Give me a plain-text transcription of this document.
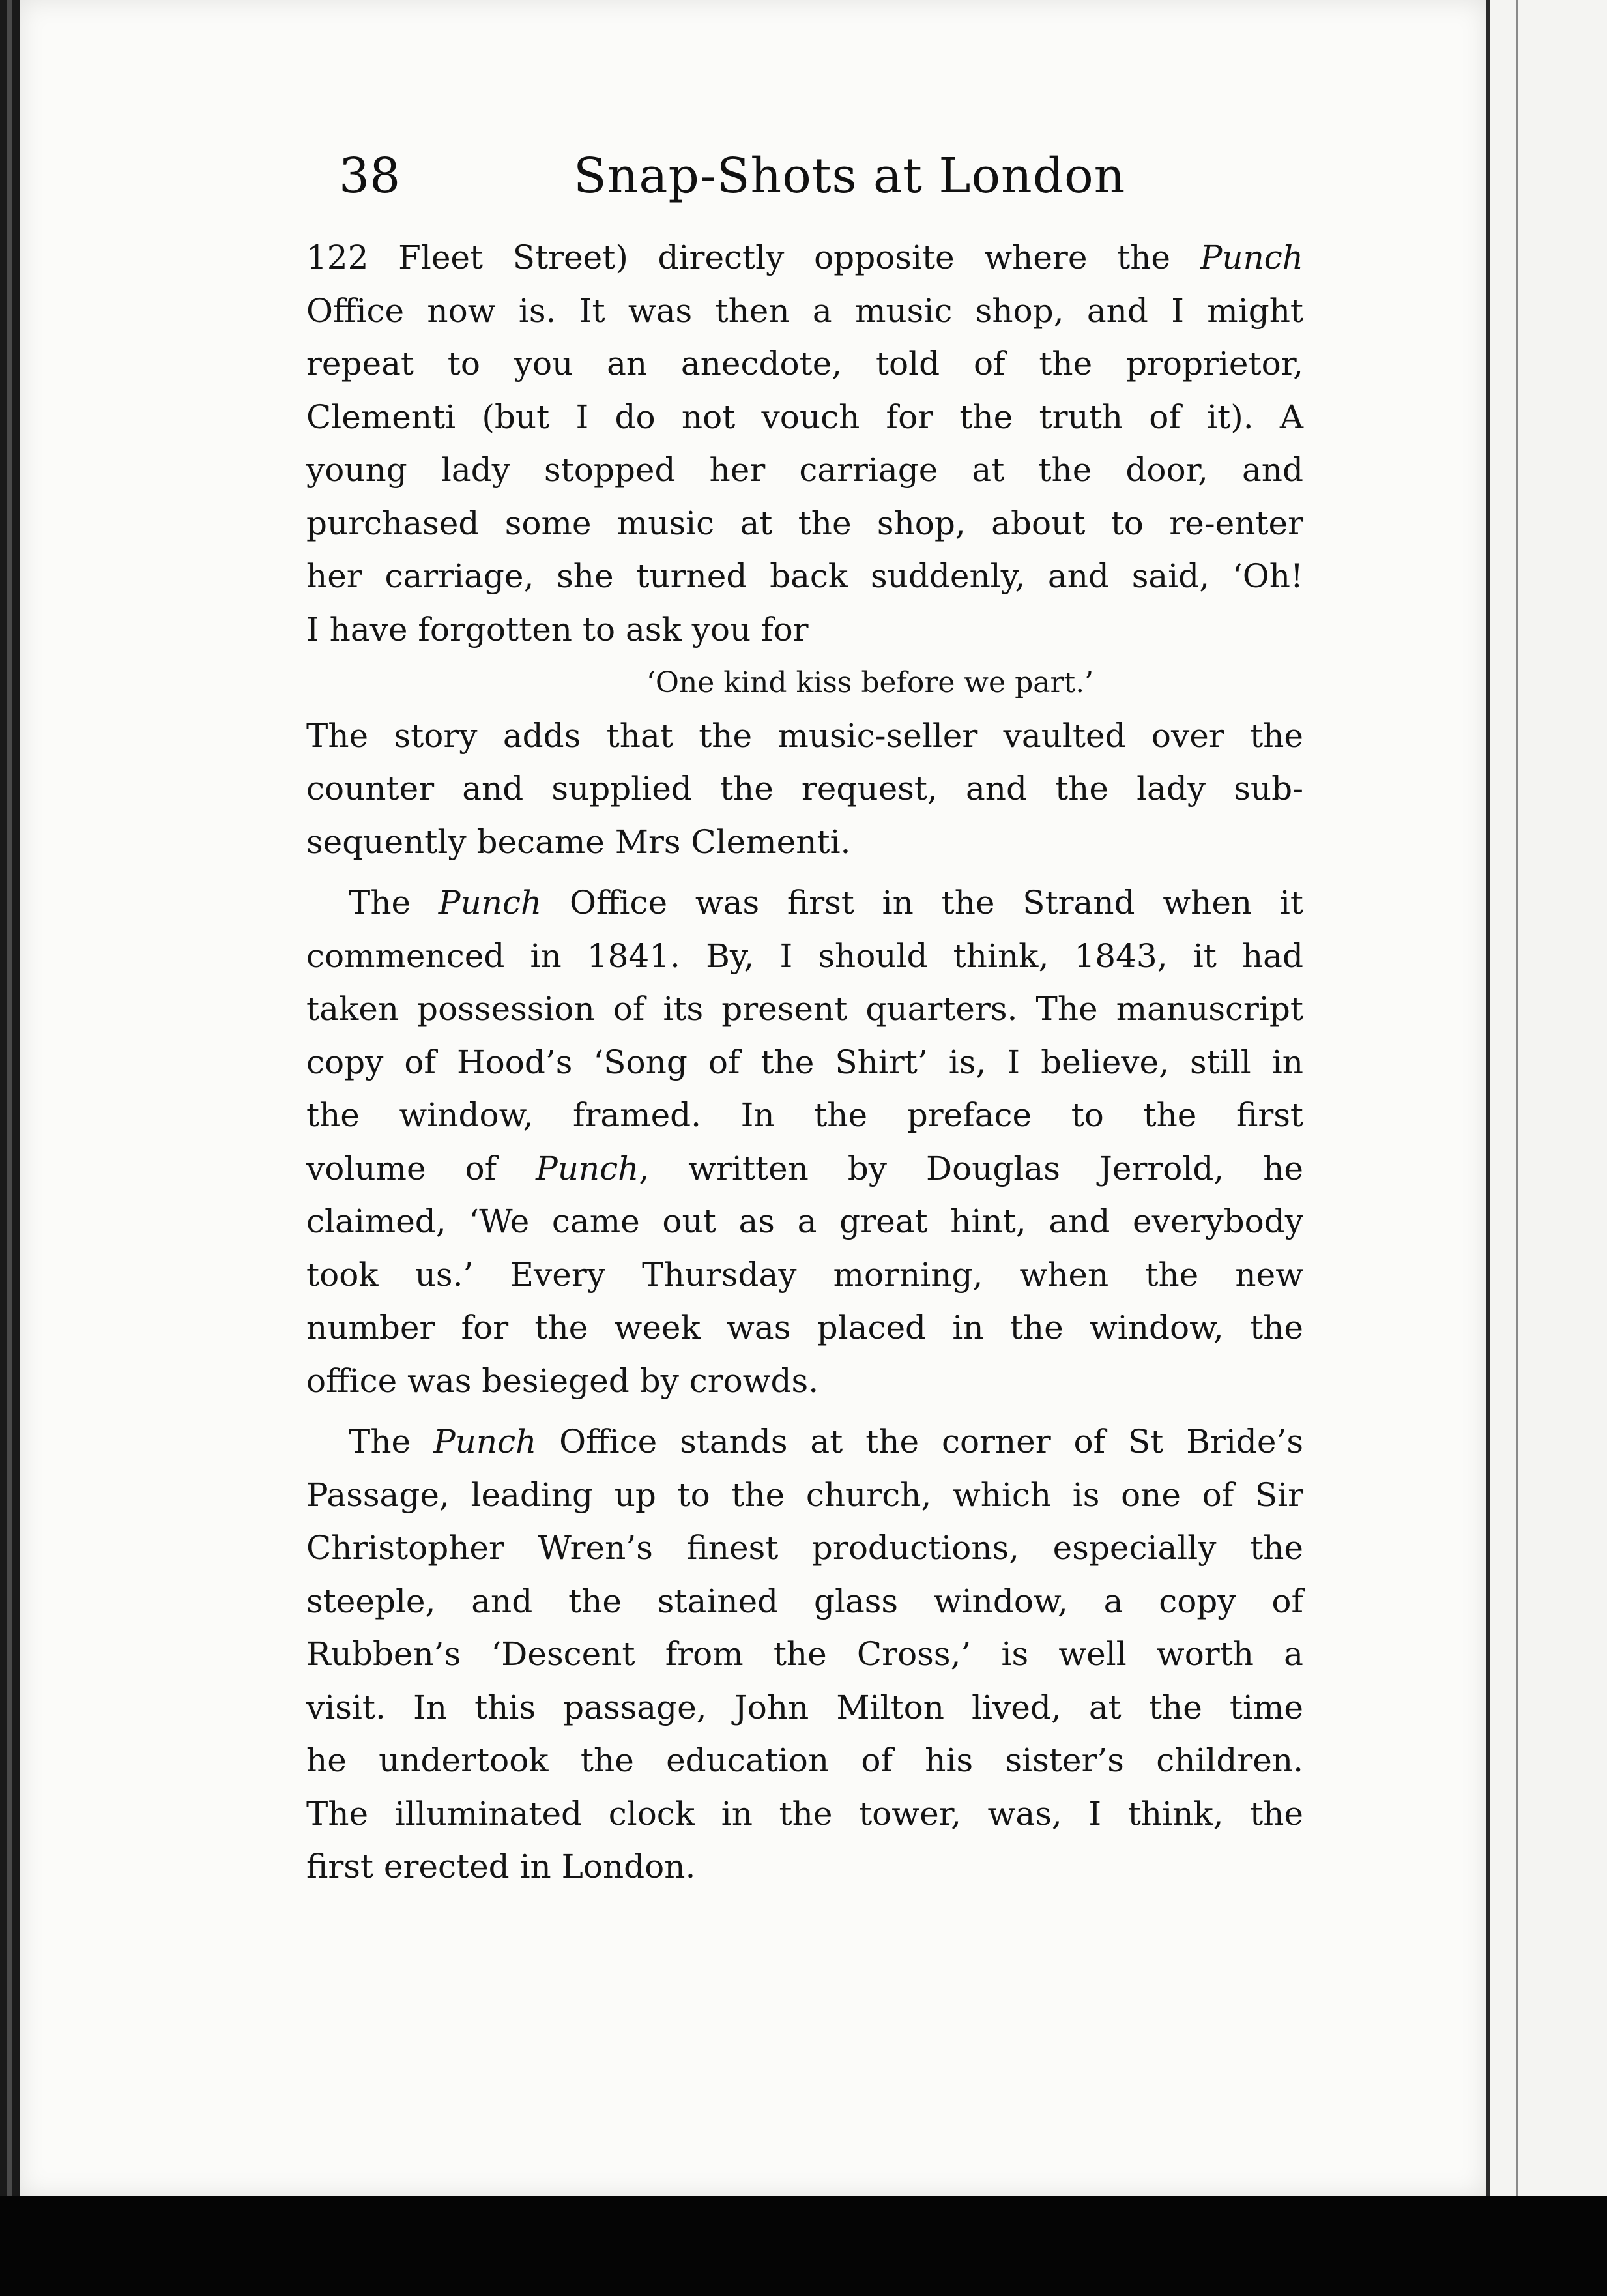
38	Snap-Shots at London
122 Fleet Street) directly opposite where the Punch
Office now is. It was then a music shop, and I might
repeat to you an anecdote, told of the proprietor,
Clementi (but I do not vouch for the truth of it). A
young lady stopped her carriage at the door, and
purchased some music at the shop, about to re-enter
her carriage, she turned back suddenly, and said, ‘Oh!
I have forgotten to ask you for
‘One kind kiss before we part.’
The story adds that the music-seller vaulted over the
counter and supplied the request, and the lady sub-
sequently became Mrs Clementi.
The Punch Office was first in the Strand when it
commenced in 1841. By, I should think, 1843, it had
taken possession of its present quarters. The manuscript
copy of Hood’s ‘Song of the Shirt’ is, I believe, still in
the window, framed. In the preface to the first
volume of Punch, written by Douglas Jerrold, he
claimed, ‘We came out as a great hint, and everybody
took us.’ Every Thursday morning, when the new
number for the week was placed in the window, the
office was besieged by crowds.
The Punch Office stands at the corner of St Bride’s
Passage, leading up to the church, which is one of Sir
Christopher Wren’s finest productions, especially the
steeple, and the stained glass window, a copy of
Rubben’s ‘Descent from the Cross,’ is well worth a
visit. In this passage, John Milton lived, at the time
he undertook the education of his sister’s children.
The illuminated clock in the tower, was, I think, the
first erected in London.
